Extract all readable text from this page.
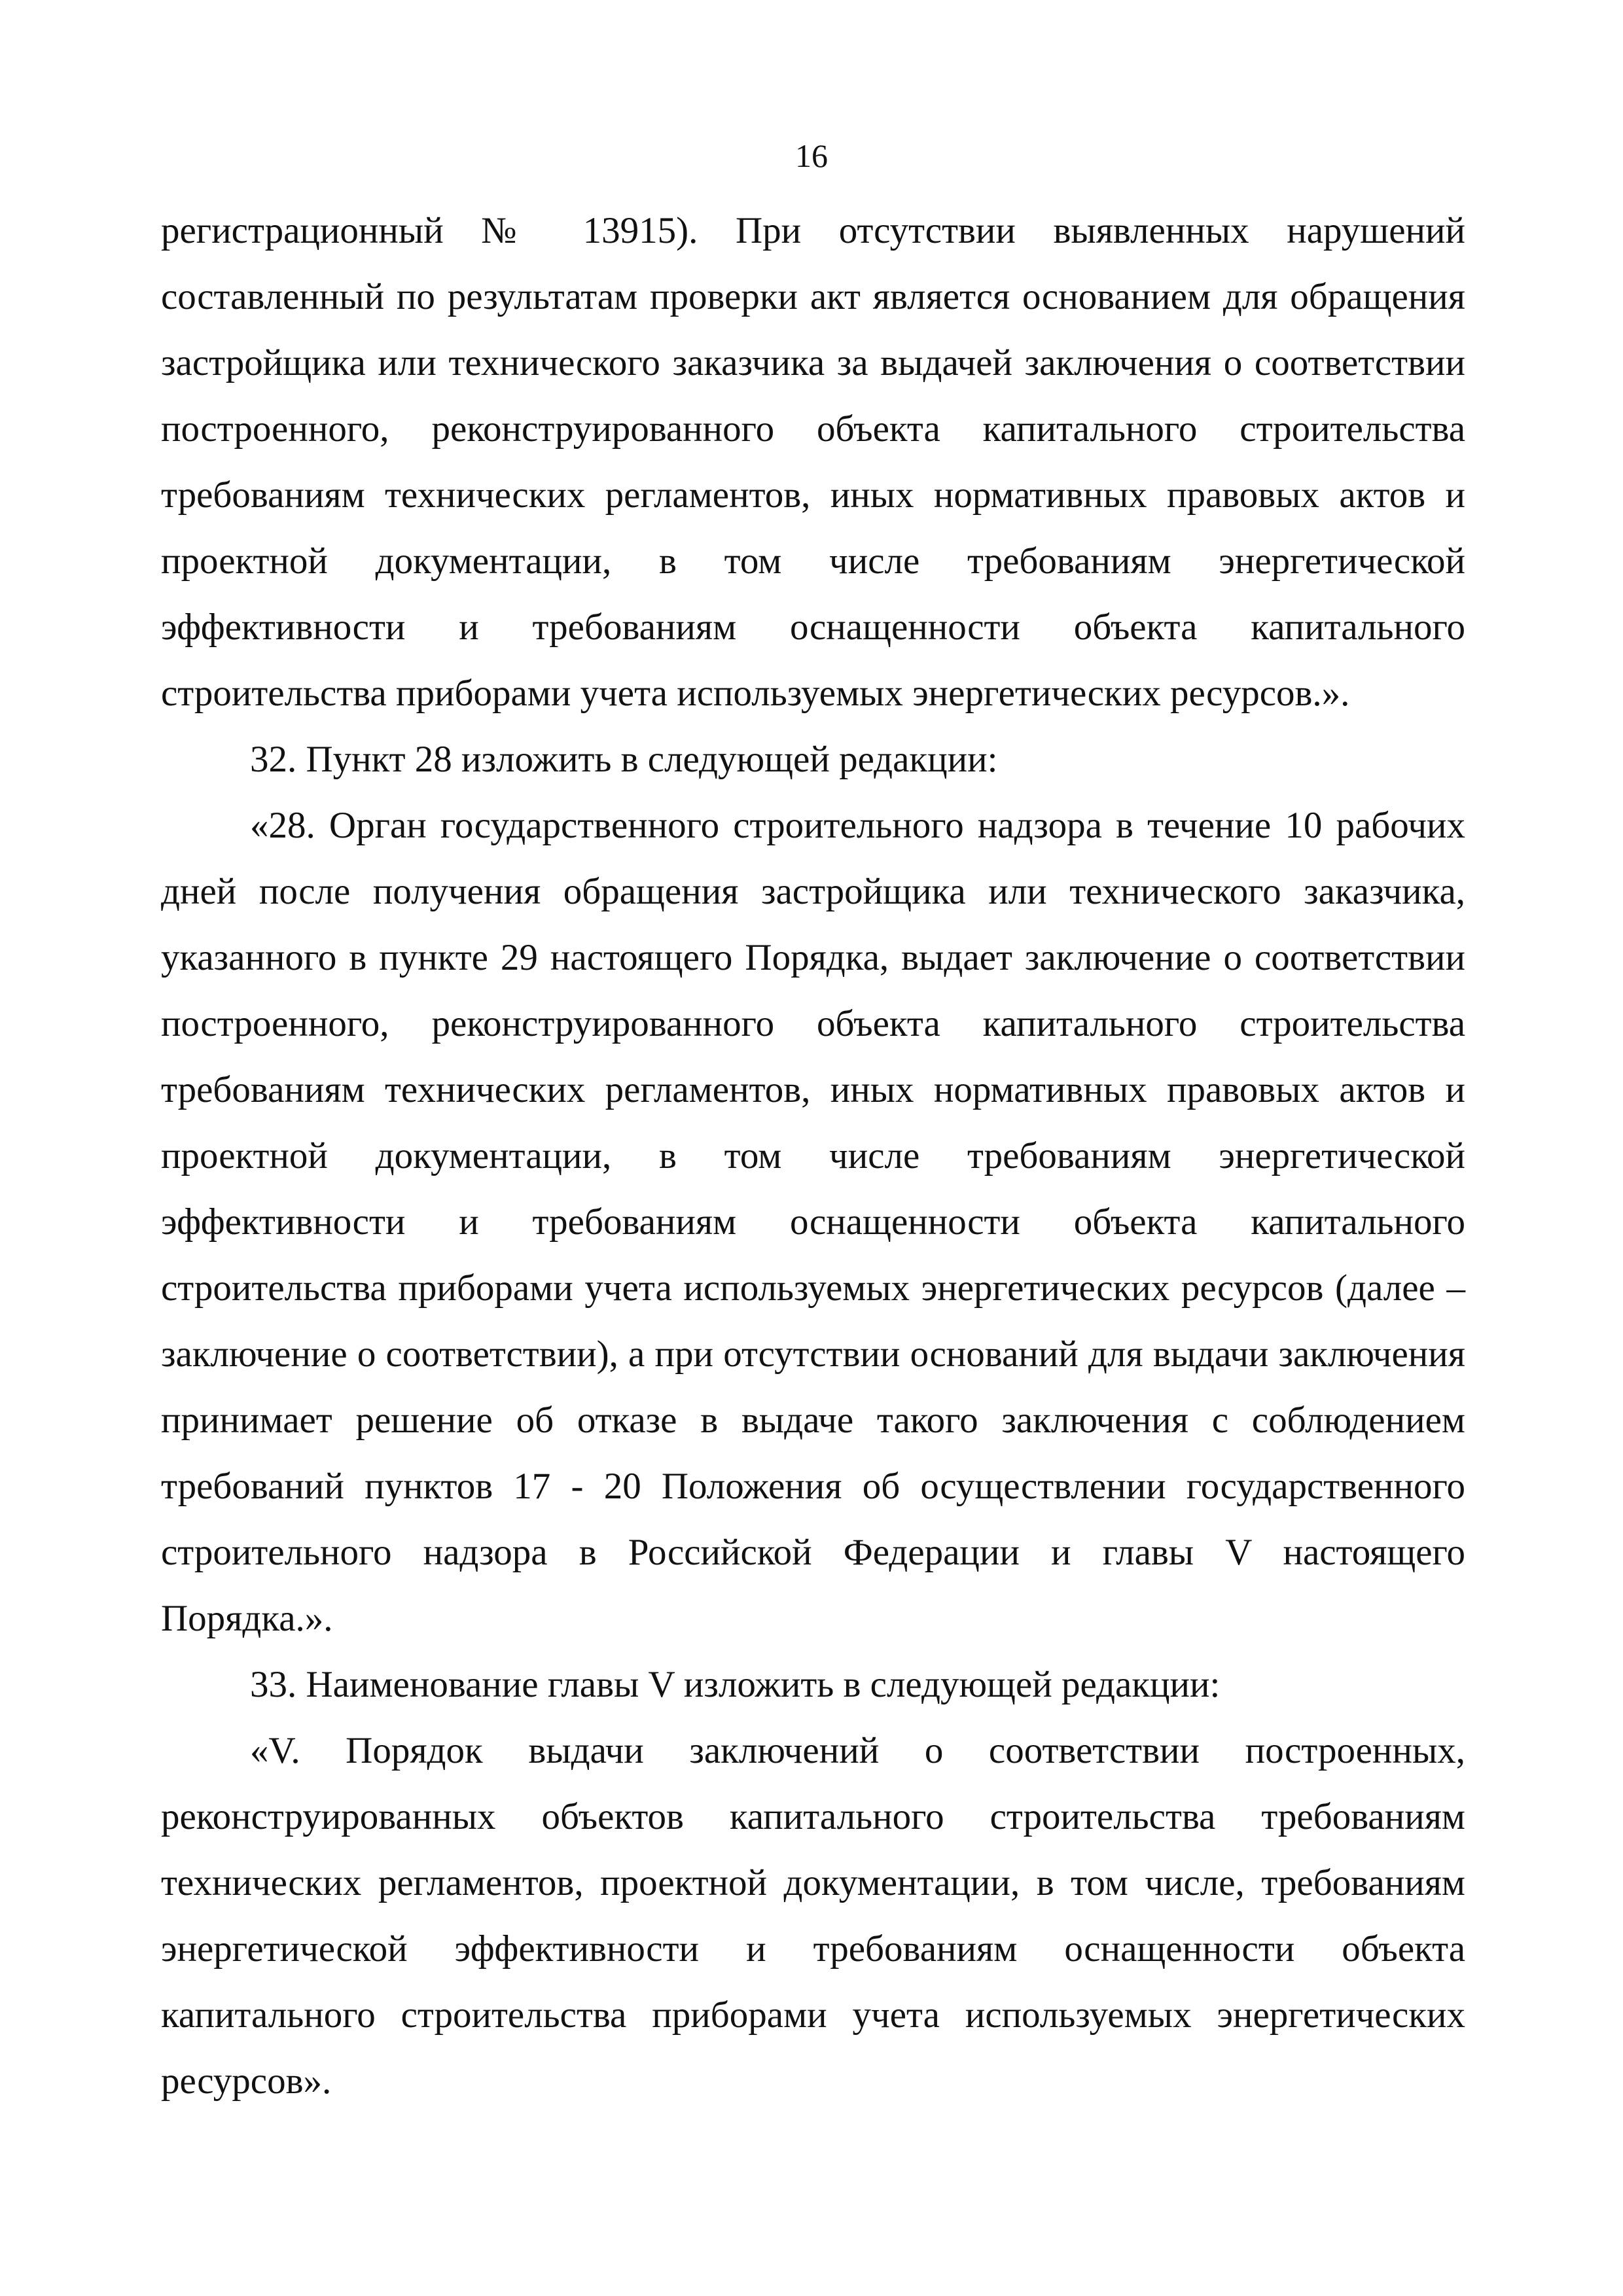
16

регистрационный № 13915). При отсутствии выявленных нарушений составленный по результатам проверки акт является основанием для обращения застройщика или технического заказчика за выдачей заключения о соответствии построенного, реконструированного объекта капитального строительства требованиям технических регламентов, иных нормативных правовых актов и проектной документации, в том числе требованиям энергетической эффективности и требованиям оснащенности объекта капитального строительства приборами учета используемых энергетических ресурсов.».

32. Пункт 28 изложить в следующей редакции:

«28. Орган государственного строительного надзора в течение 10 рабочих дней после получения обращения застройщика или технического заказчика, указанного в пункте 29 настоящего Порядка, выдает заключение о соответствии построенного, реконструированного объекта капитального строительства требованиям технических регламентов, иных нормативных правовых актов и проектной документации, в том числе требованиям энергетической эффективности и требованиям оснащенности объекта капитального строительства приборами учета используемых энергетических ресурсов (далее – заключение о соответствии), а при отсутствии оснований для выдачи заключения принимает решение об отказе в выдаче такого заключения с соблюдением требований пунктов 17 - 20 Положения об осуществлении государственного строительного надзора в Российской Федерации и главы V настоящего Порядка.».

33. Наименование главы V изложить в следующей редакции:

«V. Порядок выдачи заключений о соответствии построенных, реконструированных объектов капитального строительства требованиям технических регламентов, проектной документации, в том числе, требованиям энергетической эффективности и требованиям оснащенности объекта капитального строительства приборами учета используемых энергетических ресурсов».
